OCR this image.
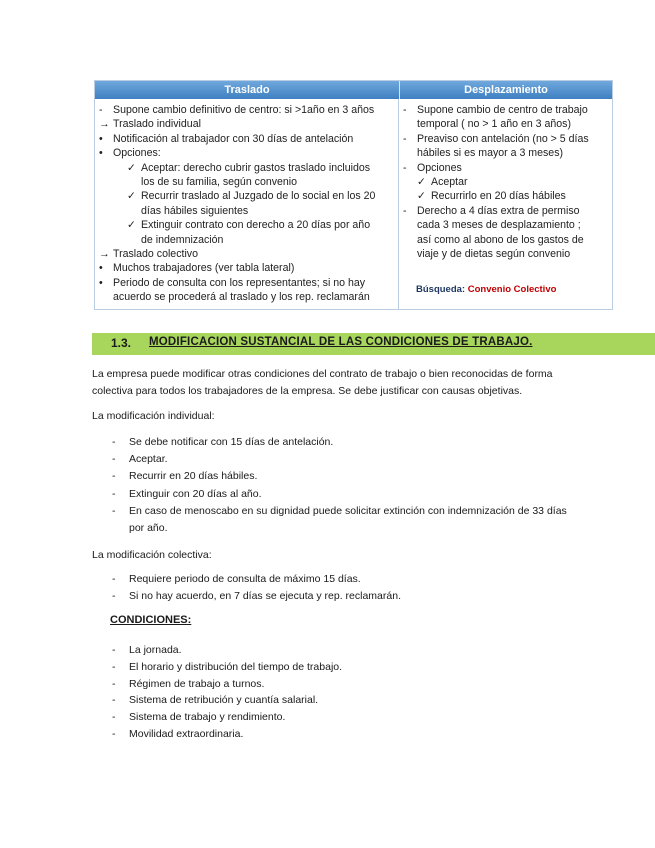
Traslado	Desplazamiento
- Supone cambio definitivo de centro: si >1año en 3 años
→ Traslado individual
• Notificación al trabajador con 30 días de antelación
• Opciones:
✓ Aceptar: derecho cubrir gastos traslado incluidos
los de su familia, según convenio
✓ Recurrir traslado al Juzgado de lo social en los 20
días hábiles siguientes
✓ Extinguir contrato con derecho a 20 días por año
de indemnización
→ Traslado colectivo
• Muchos trabajadores (ver tabla lateral)
• Periodo de consulta con los representantes; si no hay
acuerdo se procederá al traslado y los rep. reclamarán
- Supone cambio de centro de trabajo
temporal ( no > 1 año en 3 años)
- Preaviso con antelación (no > 5 días
hábiles si es mayor a 3 meses)
- Opciones
✓ Aceptar
✓ Recurrirlo en 20 días hábiles
- Derecho a 4 días extra de permiso
cada 3 meses de desplazamiento ;
así como al abono de los gastos de
viaje y de dietas según convenio
Búsqueda: Convenio Colectivo
1.3. MODIFICACION SUSTANCIAL DE LAS CONDICIONES DE TRABAJO.
La empresa puede modificar otras condiciones del contrato de trabajo o bien reconocidas de forma
colectiva para todos los trabajadores de la empresa. Se debe justificar con causas objetivas.
La modificación individual:
- Se debe notificar con 15 días de antelación.
- Aceptar.
- Recurrir en 20 días hábiles.
- Extinguir con 20 días al año.
- En caso de menoscabo en su dignidad puede solicitar extinción con indemnización de 33 días
por año.
La modificación colectiva:
- Requiere periodo de consulta de máximo 15 días.
- Si no hay acuerdo, en 7 días se ejecuta y rep. reclamarán.
CONDICIONES:
- La jornada.
- El horario y distribución del tiempo de trabajo.
- Régimen de trabajo a turnos.
- Sistema de retribución y cuantía salarial.
- Sistema de trabajo y rendimiento.
- Movilidad extraordinaria.
